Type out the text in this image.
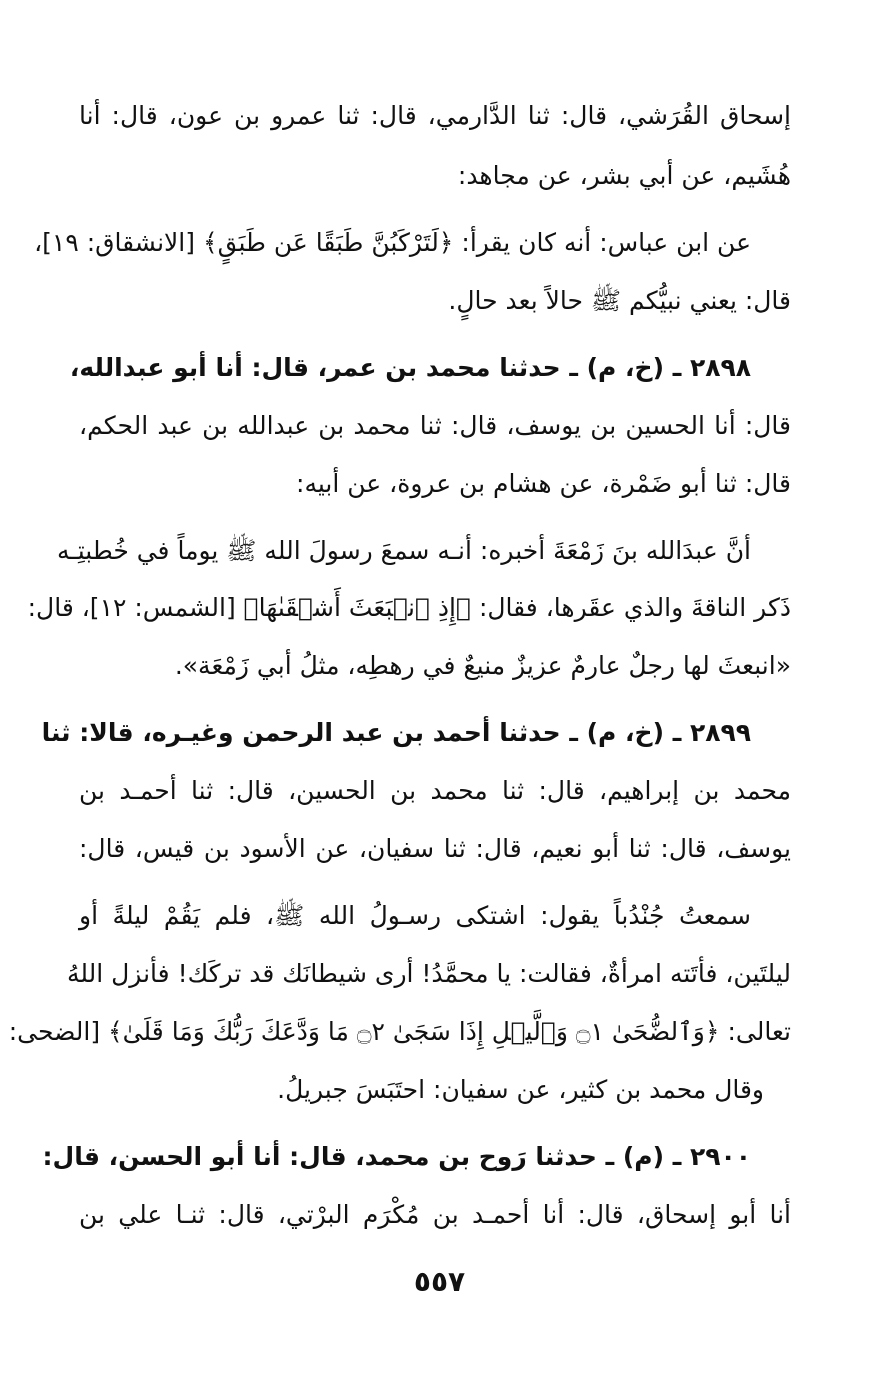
إسحاق القُرَشي، قال: ثنا الدَّارمي، قال: ثنا عمرو بن عون، قال: أنا
هُشَيم، عن أبي بشر، عن مجاهد:
عن ابن عباس: أنه كان يقرأ: ﴿لَتَرْكَبُنَّ طَبَقًا عَن طَبَقٍ﴾ [الانشقاق: ١٩]،
قال: يعني نبيُّكم ﷺ حالاً بعد حالٍ.
٢٨٩٨ ـ (خ، م) ـ حدثنا محمد بن عمر، قال: أنا أبو عبدالله،
قال: أنا الحسين بن يوسف، قال: ثنا محمد بن عبدالله بن عبد الحكم،
قال: ثنا أبو ضَمْرة، عن هشام بن عروة، عن أبيه:
أنَّ عبدَالله بنَ زَمْعَةَ أخبره: أنـه سمعَ رسولَ الله ﷺ يوماً في خُطبتِـه
ذَكر الناقةَ والذي عقَرها، فقال: ﴿إِذِ ٱنۢبَعَثَ أَشۡقَىٰهَا﴾ [الشمس: ١٢]، قال:
«انبعثَ لها رجلٌ عارمٌ عزيزٌ منيعٌ في رهطِه، مثلُ أبي زَمْعَة».
٢٨٩٩ ـ (خ، م) ـ حدثنا أحمد بن عبد الرحمن وغيـره، قالا: ثنا
محمد بن إبراهيم، قال: ثنا محمد بن الحسين، قال: ثنا أحمـد بن
يوسف، قال: ثنا أبو نعيم، قال: ثنا سفيان، عن الأسود بن قيس، قال:
سمعتُ جُنْدُباً يقول: اشتكى رسـولُ الله ﷺ، فلم يَقُمْ ليلةً أو
ليلتَين، فأتَته امرأةٌ، فقالت: يا محمَّدُ! أرى شيطانَك قد تركَك! فأنزل اللهُ
تعالى: ﴿وَٱلضُّحَىٰ ۝١ وَٱلَّيۡلِ إِذَا سَجَىٰ ۝٢ مَا وَدَّعَكَ رَبُّكَ وَمَا قَلَىٰ﴾ [الضحى:
وقال محمد بن كثير، عن سفيان: احتَبَسَ جبريلُ.
٢٩٠٠ ـ (م) ـ حدثنا رَوح بن محمد، قال: أنا أبو الحسن، قال:
أنا أبو إسحاق، قال: أنا أحمـد بن مُكْرَم البرْتي، قال: ثنـا علي بن
٥٥٧
